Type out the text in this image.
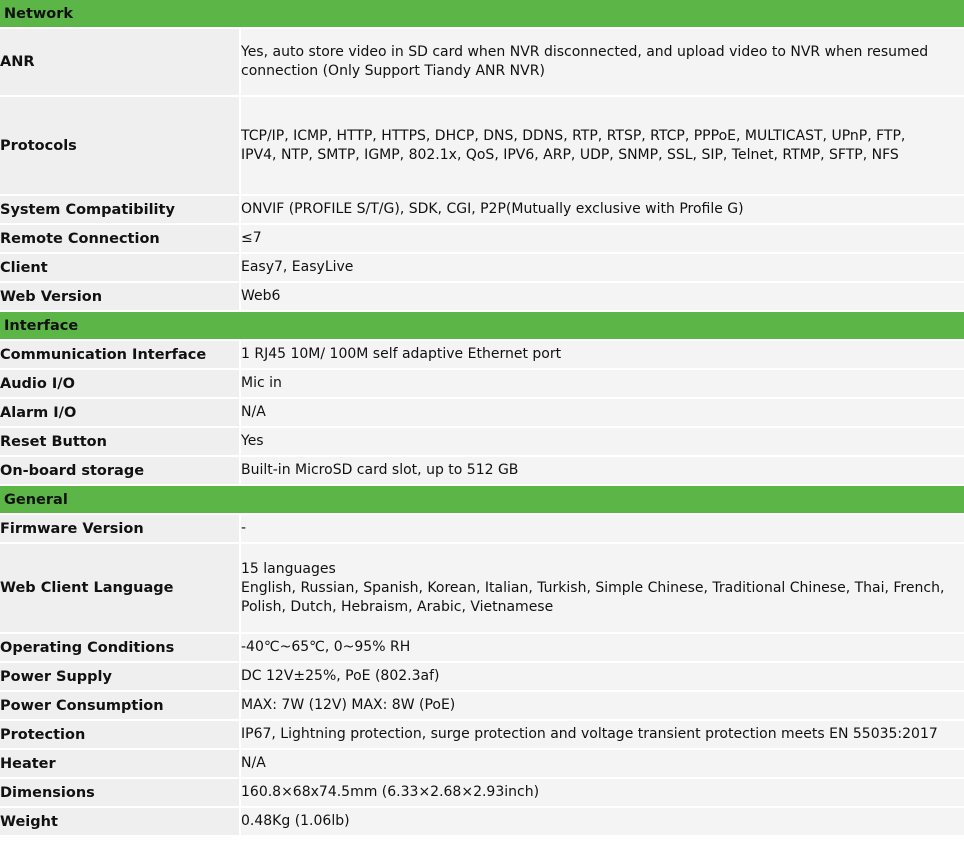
Network	
ANR	Yes, auto store video in SD card when NVR disconnected, and upload video to NVR when resumed
connection (Only Support Tiandy ANR NVR)

Protocols	TCP/IP, ICMP, HTTP, HTTPS, DHCP, DNS, DDNS, RTP, RTSP, RTCP, PPPoE, MULTICAST, UPnP, FTP,
IPV4, NTP, SMTP, IGMP, 802.1x, QoS, IPV6, ARP, UDP, SNMP, SSL, SIP, Telnet, RTMP, SFTP, NFS

System Compatibility	ONVIF (PROFILE S/T/G), SDK, CGI, P2P(Mutually exclusive with Profile G)
Remote Connection	≤7
Client	Easy7, EasyLive
Web Version	Web6
Interface	
Communication Interface	1 RJ45 10M/ 100M self adaptive Ethernet port
Audio I/O	Mic in
Alarm I/O	N/A
Reset Button	Yes
On-board storage	Built-in MicroSD card slot, up to 512 GB
General	
Firmware Version	-
Web Client Language	15 languages
English, Russian, Spanish, Korean, Italian, Turkish, Simple Chinese, Traditional Chinese, Thai, French,
Polish, Dutch, Hebraism, Arabic, Vietnamese

Operating Conditions	-40℃~65℃, 0~95% RH
Power Supply	DC 12V±25%, PoE (802.3af)
Power Consumption	MAX: 7W (12V) MAX: 8W (PoE)
Protection	IP67, Lightning protection, surge protection and voltage transient protection meets EN 55035:2017
Heater	N/A
Dimensions	160.8×68x74.5mm (6.33×2.68×2.93inch)
Weight	0.48Kg (1.06lb)
